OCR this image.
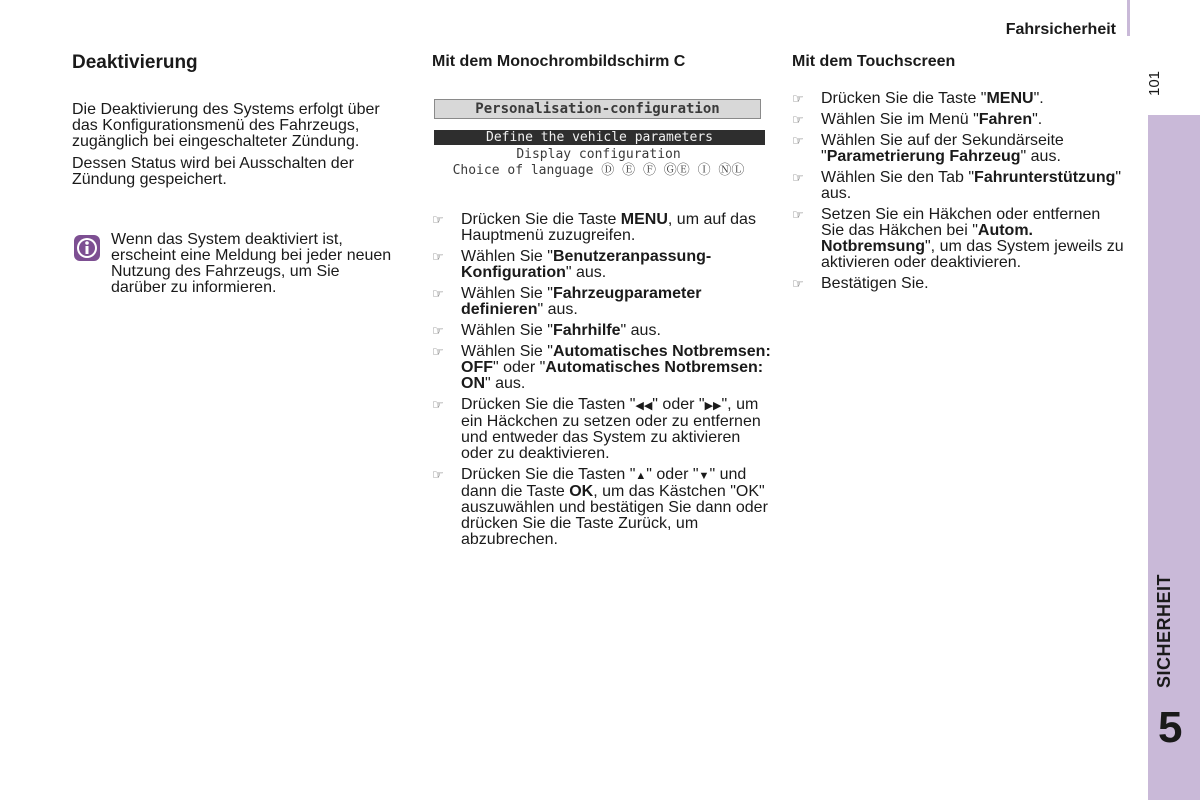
Fahrsicherheit
101
SICHERHEIT
5
Deaktivierung

Die Deaktivierung des Systems erfolgt über das Konfigurationsmenü des Fahrzeugs, zugänglich bei eingeschalteter Zündung.

Dessen Status wird bei Ausschalten der Zündung gespeichert.

Wenn das System deaktiviert ist, erscheint eine Meldung bei jeder neuen Nutzung des Fahrzeugs, um Sie darüber zu informieren.
Mit dem Monochrombildschirm C
Personalisation-configuration
Define the vehicle parameters
Display configuration
Choice of language Ⓓ Ⓔ Ⓕ ⒼⒺ Ⓘ ⓃⓁ
☞ Drücken Sie die Taste MENU, um auf das Hauptmenü zuzugreifen.
☞ Wählen Sie "Benutzeranpassung-Konfiguration" aus.
☞ Wählen Sie "Fahrzeugparameter definieren" aus.
☞ Wählen Sie "Fahrhilfe" aus.
☞ Wählen Sie "Automatisches Notbremsen: OFF" oder "Automatisches Notbremsen: ON" aus.
☞ Drücken Sie die Tasten "◀◀" oder "▶▶", um ein Häckchen zu setzen oder zu entfernen und entweder das System zu aktivieren oder zu deaktivieren.
☞ Drücken Sie die Tasten "▲" oder "▼" und dann die Taste OK, um das Kästchen "OK" auszuwählen und bestätigen Sie dann oder drücken Sie die Taste Zurück, um abzubrechen.
Mit dem Touchscreen
☞ Drücken Sie die Taste "MENU".
☞ Wählen Sie im Menü "Fahren".
☞ Wählen Sie auf der Sekundärseite "Parametrierung Fahrzeug" aus.
☞ Wählen Sie den Tab "Fahrunterstützung" aus.
☞ Setzen Sie ein Häkchen oder entfernen Sie das Häkchen bei "Autom. Notbremsung", um das System jeweils zu aktivieren oder deaktivieren.
☞ Bestätigen Sie.
